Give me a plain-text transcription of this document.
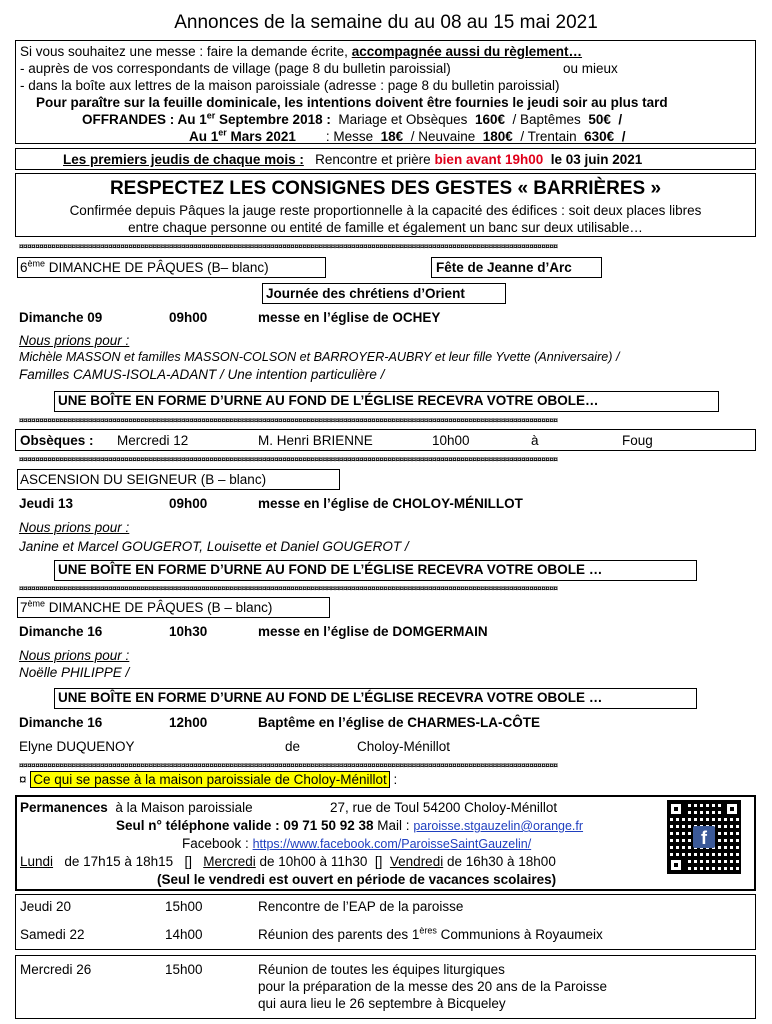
Annonces de la semaine du au 08 au 15 mai 2021
Si vous souhaitez une messe : faire la demande écrite, accompagnée aussi du règlement…
- auprès de vos correspondants de village (page 8 du bulletin paroissial)	ou mieux
- dans la boîte aux lettres de la maison paroissiale (adresse : page 8 du bulletin paroissial)
Pour paraître sur la feuille dominicale, les intentions doivent être fournies le jeudi soir au plus tard
OFFRANDES : Au 1er Septembre 2018 : Mariage et Obsèques 160€ / Baptêmes 50€ /
Au 1er Mars 2021 : Messe 18€ / Neuvaine 180€ / Trentain 630€ /
Les premiers jeudis de chaque mois : Rencontre et prière bien avant 19h00 le 03 juin 2021
RESPECTEZ LES CONSIGNES DES GESTES « BARRIÈRES »
Confirmée depuis Pâques la jauge reste proportionnelle à la capacité des édifices : soit deux places libres
entre chaque personne ou entité de famille et également un banc sur deux utilisable…
¤¤¤¤¤¤¤¤¤¤¤¤¤¤¤¤¤¤¤¤¤¤¤¤¤¤¤¤¤¤¤¤¤¤¤¤¤¤¤¤¤¤¤¤¤¤¤¤¤¤¤¤¤¤¤¤¤¤¤¤¤¤¤¤¤¤¤¤¤¤¤¤¤¤¤¤¤¤¤¤¤¤¤¤¤¤¤¤¤¤¤¤¤¤¤¤¤¤¤¤¤¤¤¤¤¤¤¤¤¤¤¤¤¤¤¤¤¤¤¤¤¤¤¤¤¤¤¤¤¤¤¤¤
6ème DIMANCHE DE PÂQUES (B– blanc)	Fête de Jeanne d’Arc
Journée des chrétiens d’Orient
Dimanche 09	09h00	messe en l’église de OCHEY
Nous prions pour :
Michèle MASSON et familles MASSON-COLSON et BARROYER-AUBRY et leur fille Yvette (Anniversaire) /
Familles CAMUS-ISOLA-ADANT / Une intention particulière /
UNE BOÎTE EN FORME D’URNE AU FOND DE L’ÉGLISE RECEVRA VOTRE OBOLE…
¤¤¤¤¤¤¤¤¤¤¤¤¤¤¤¤¤¤¤¤¤¤¤¤¤¤¤¤¤¤¤¤¤¤¤¤¤¤¤¤¤¤¤¤¤¤¤¤¤¤¤¤¤¤¤¤¤¤¤¤¤¤¤¤¤¤¤¤¤¤¤¤¤¤¤¤¤¤¤¤¤¤¤¤¤¤¤¤¤¤¤¤¤¤¤¤¤¤¤¤¤¤¤¤¤¤¤¤¤¤¤¤¤¤¤¤¤¤¤¤¤¤¤¤¤¤¤¤¤¤¤¤¤
Obsèques : Mercredi 12	M. Henri BRIENNE	10h00	à	Foug
¤¤¤¤¤¤¤¤¤¤¤¤¤¤¤¤¤¤¤¤¤¤¤¤¤¤¤¤¤¤¤¤¤¤¤¤¤¤¤¤¤¤¤¤¤¤¤¤¤¤¤¤¤¤¤¤¤¤¤¤¤¤¤¤¤¤¤¤¤¤¤¤¤¤¤¤¤¤¤¤¤¤¤¤¤¤¤¤¤¤¤¤¤¤¤¤¤¤¤¤¤¤¤¤¤¤¤¤¤¤¤¤¤¤¤¤¤¤¤¤¤¤¤¤¤¤¤¤¤¤¤¤¤
ASCENSION DU SEIGNEUR (B – blanc)
Jeudi 13	09h00	messe en l’église de CHOLOY-MÉNILLOT
Nous prions pour :
Janine et Marcel GOUGEROT, Louisette et Daniel GOUGEROT /
UNE BOÎTE EN FORME D’URNE AU FOND DE L’ÉGLISE RECEVRA VOTRE OBOLE …
¤¤¤¤¤¤¤¤¤¤¤¤¤¤¤¤¤¤¤¤¤¤¤¤¤¤¤¤¤¤¤¤¤¤¤¤¤¤¤¤¤¤¤¤¤¤¤¤¤¤¤¤¤¤¤¤¤¤¤¤¤¤¤¤¤¤¤¤¤¤¤¤¤¤¤¤¤¤¤¤¤¤¤¤¤¤¤¤¤¤¤¤¤¤¤¤¤¤¤¤¤¤¤¤¤¤¤¤¤¤¤¤¤¤¤¤¤¤¤¤¤¤¤¤¤¤¤¤¤¤¤¤¤
7ème DIMANCHE DE PÂQUES (B – blanc)
Dimanche 16	10h30	messe en l’église de DOMGERMAIN
Nous prions pour :
Noëlle PHILIPPE /
UNE BOÎTE EN FORME D’URNE AU FOND DE L’ÉGLISE RECEVRA VOTRE OBOLE …
Dimanche 16	12h00	Baptême en l’église de CHARMES-LA-CÔTE
Elyne DUQUENOY	de	Choloy-Ménillot
¤¤¤¤¤¤¤¤¤¤¤¤¤¤¤¤¤¤¤¤¤¤¤¤¤¤¤¤¤¤¤¤¤¤¤¤¤¤¤¤¤¤¤¤¤¤¤¤¤¤¤¤¤¤¤¤¤¤¤¤¤¤¤¤¤¤¤¤¤¤¤¤¤¤¤¤¤¤¤¤¤¤¤¤¤¤¤¤¤¤¤¤¤¤¤¤¤¤¤¤¤¤¤¤¤¤¤¤¤¤¤¤¤¤¤¤¤¤¤¤¤¤¤¤¤¤¤¤¤¤¤¤¤
¤ Ce qui se passe à la maison paroissiale de Choloy-Ménillot :
Permanences à la Maison paroissiale	27, rue de Toul 54200 Choloy-Ménillot
Seul n° téléphone valide : 09 71 50 92 38 Mail : paroisse.stgauzelin@orange.fr
Facebook : https://www.facebook.com/ParoisseSaintGauzelin/
Lundi de 17h15 à 18h15 [] Mercredi de 10h00 à 11h30 [] Vendredi de 16h30 à 18h00
(Seul le vendredi est ouvert en période de vacances scolaires)
f
Jeudi 20	15h00	Rencontre de l’EAP de la paroisse
Samedi 22	14h00	Réunion des parents des 1ères Communions à Royaumeix
Mercredi 26	15h00	Réunion de toutes les équipes liturgiques
pour la préparation de la messe des 20 ans de la Paroisse
qui aura lieu le 26 septembre à Bicqueley
